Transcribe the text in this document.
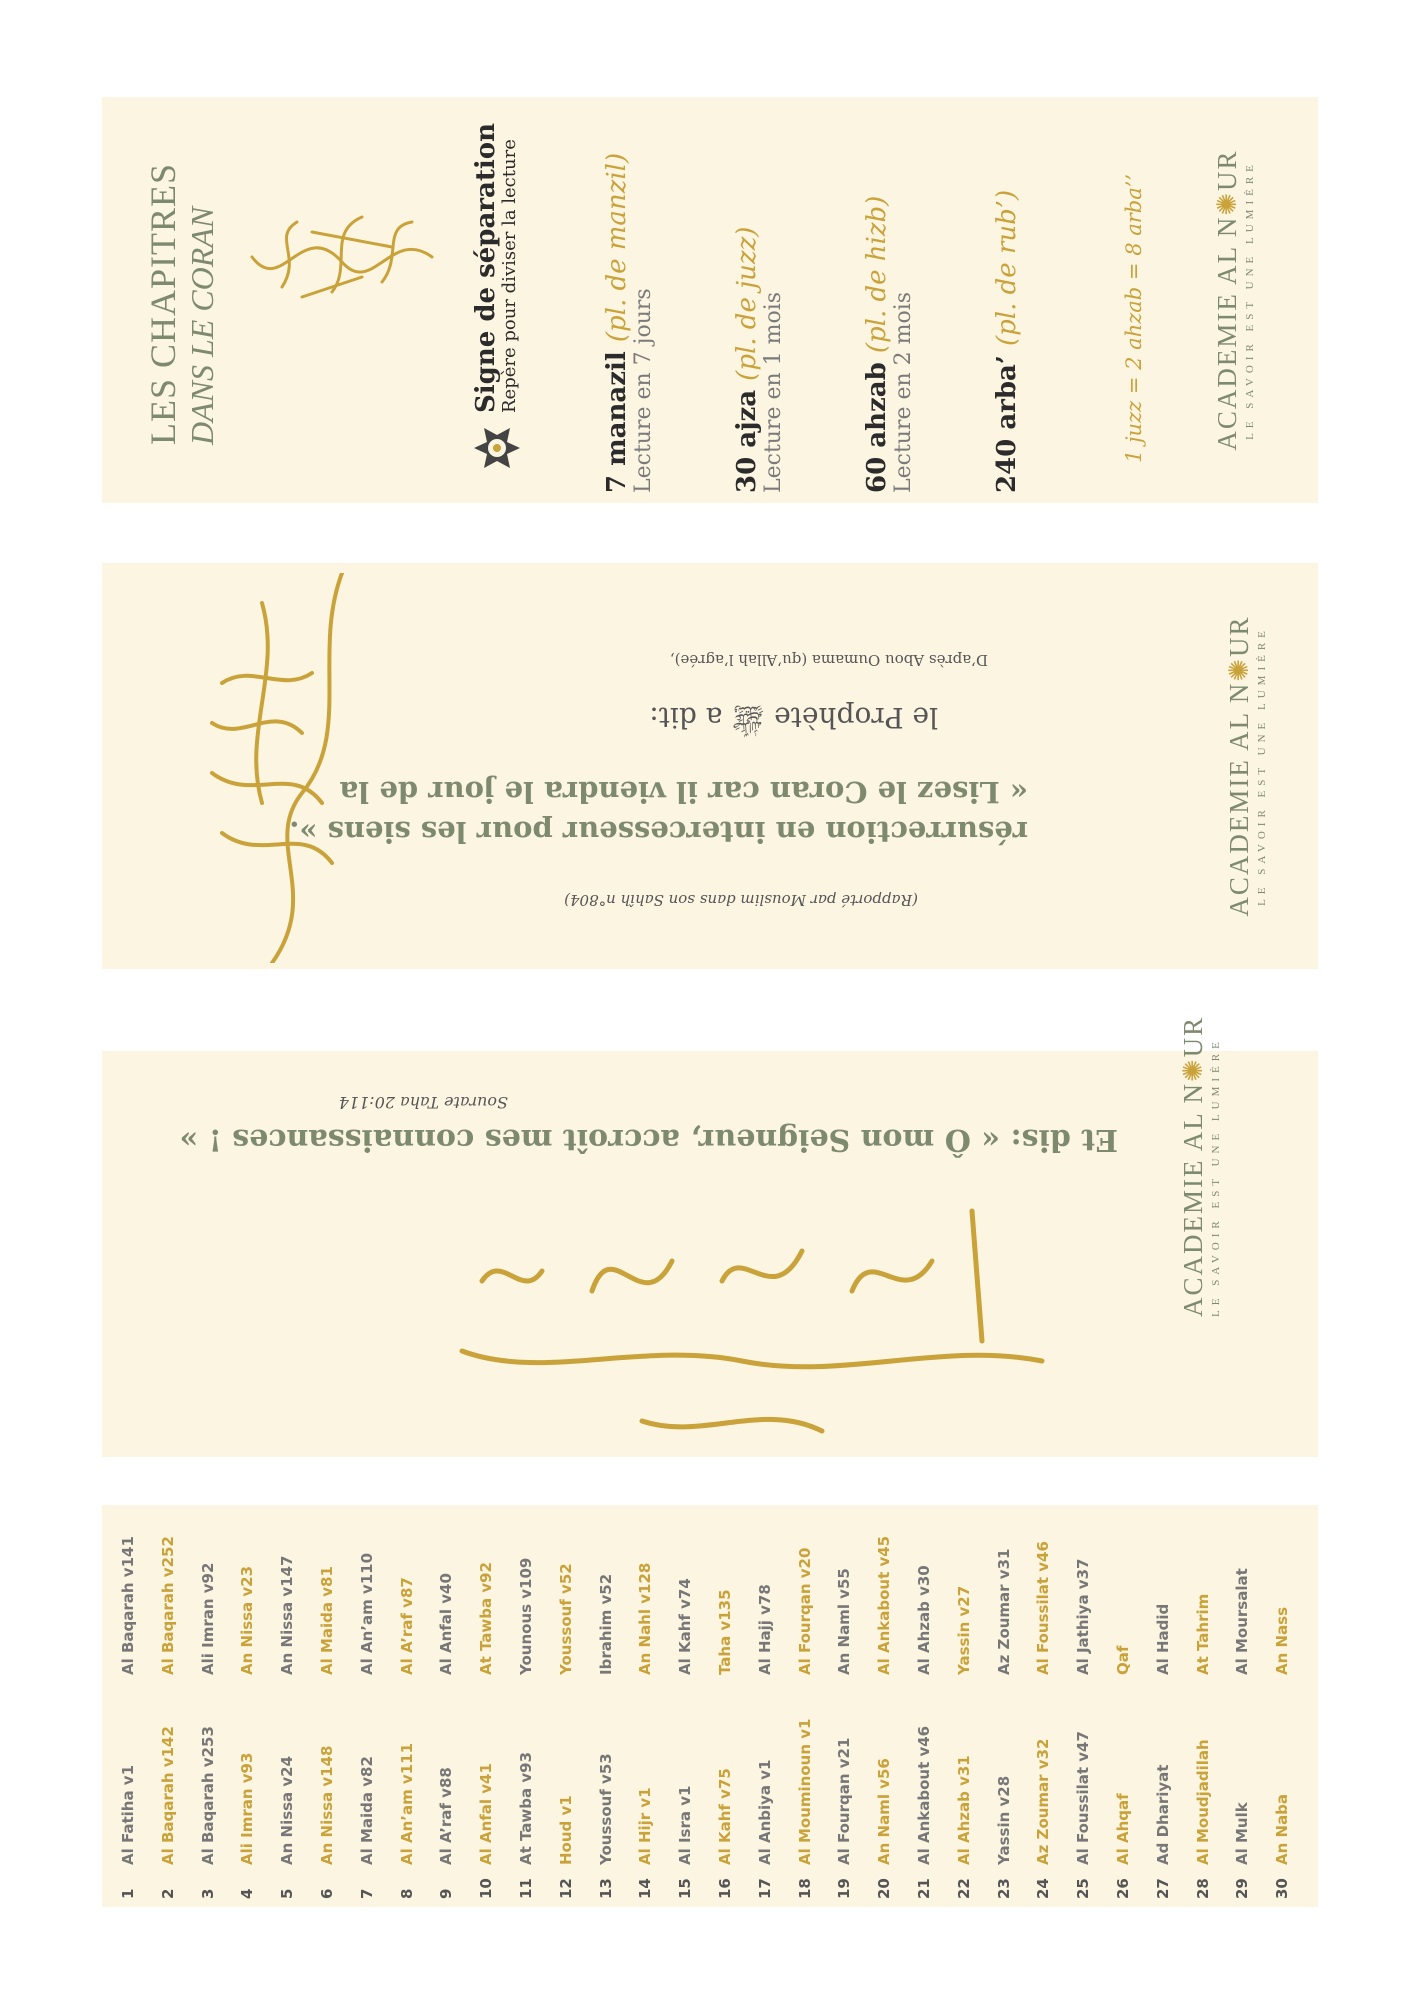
LES CHAPITRES DANS LE CORAN	Signe de séparation
Repère pour diviser la lecture
7 manazil (pl. de manzil)
Lecture en 7 jours	30 ajza (pl. de juzz) Lecture en 1 mois	60 ahzab (pl. de hizb)
Lecture en 2 mois	240 arba’ (pl. de rub’)	1 juzz = 2 ahzab = 8 arba’’ ACADEMIE AL N✺UR LE SAVOIR EST UNE LUMIÈRE
ACADEMIE AL N✺UR LE SAVOIR EST UNE LUMIÈRE
D’après Abou Oumama (qu’Allah l’agrée),
le Prophète ﷺ a dit:
« Lisez le Coran car il viendra le jour de la
résurrection en intercesseur pour les siens ».
(Rapporté par Mouslim dans son Sahîh n°804)
Et dis: « Ô mon Seigneur, accroît mes connaissances ! »
Sourate Taha 20:114	ACADEMIE AL N✺UR
LE SAVOIR EST UNE LUMIÈRE
1
Al Fatiha v1
Al Baqarah v141
2
Al Baqarah v142
Al Baqarah v252
3
Al Baqarah v253
Ali Imran v92
4
Ali Imran v93
An Nissa v23
5
An Nissa v24
An Nissa v147
6
An Nissa v148
Al Maida v81
7
Al Maida v82
Al An’am v110
8
Al An’am v111
Al A’raf v87
9
Al A’raf v88
Al Anfal v40
10
Al Anfal v41
At Tawba v92
11
At Tawba v93
Younous v109
12
Houd v1
Youssouf v52
13
Youssouf v53
Ibrahim v52
14
Al Hijr v1
An Nahl v128
15
Al Isra v1
Al Kahf v74
16
Al Kahf v75
Taha v135
17
Al Anbiya v1
Al Hajj v78
18
Al Mouminoun v1
Al Fourqan v20
19
Al Fourqan v21
An Naml v55
20
An Naml v56
Al Ankabout v45
21
Al Ankabout v46
Al Ahzab v30
22
Al Ahzab v31
Yassin v27
23
Yassin v28
Az Zoumar v31
24
Az Zoumar v32
Al Foussilat v46
25
Al Foussilat v47
Al Jathiya v37
26
Al Ahqaf
Qaf
27
Ad Dhariyat
Al Hadid
28
Al Moudjadilah
At Tahrim
29
Al Mulk
Al Moursalat
30
An Naba
An Nass
